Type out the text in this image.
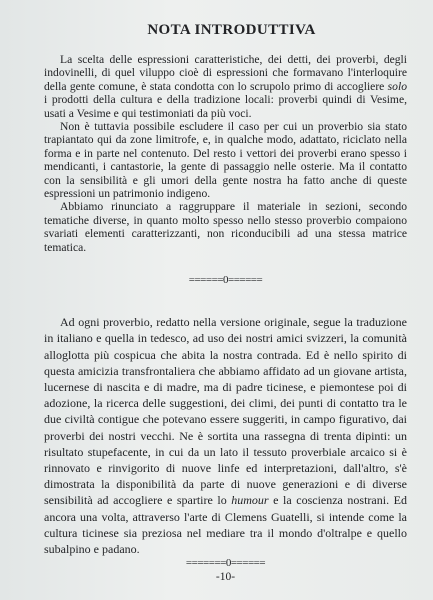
NOTA INTRODUTTIVA

La scelta delle espressioni caratteristiche, dei detti, dei proverbi, degli indovinelli, di quel viluppo cioè di espressioni che formavano l'interloquire della gente comune, è stata condotta con lo scrupolo primo di accogliere solo i prodotti della cultura e della tradizione locali: proverbi quindi di Vesime, usati a Vesime e qui testimoniati da più voci.

Non è tuttavia possibile escludere il caso per cui un proverbio sia stato trapiantato qui da zone limitrofe, e, in qualche modo, adattato, riciclato nella forma e in parte nel contenuto. Del resto i vettori dei proverbi erano spesso i mendicanti, i cantastorie, la gente di passaggio nelle osterie. Ma il contatto con la sensibilità e gli umori della gente nostra ha fatto anche di queste espressioni un patrimonio indigeno.

Abbiamo rinunciato a raggruppare il materiale in sezioni, secondo tematiche diverse, in quanto molto spesso nello stesso proverbio compaiono svariati elementi caratterizzanti, non riconducibili ad una stessa matrice tematica.

======0======

Ad ogni proverbio, redatto nella versione originale, segue la traduzione in italiano e quella in tedesco, ad uso dei nostri amici svizzeri, la comunità alloglotta più cospicua che abita la nostra contrada. Ed è nello spirito di questa amicizia transfrontaliera che abbiamo affidato ad un giovane artista, lucernese di nascita e di madre, ma di padre ticinese, e piemontese poi di adozione, la ricerca delle suggestioni, dei climi, dei punti di contatto tra le due civiltà contigue che potevano essere suggeriti, in campo figurativo, dai proverbi dei nostri vecchi. Ne è sortita una rassegna di trenta dipinti: un risultato stupefacente, in cui da un lato il tessuto proverbiale arcaico si è rinnovato e rinvigorito di nuove linfe ed interpretazioni, dall'altro, s'è dimostrata la disponibilità da parte di nuove generazioni e di diverse sensibilità ad accogliere e spartire lo humour e la coscienza nostrani. Ed ancora una volta, attraverso l'arte di Clemens Guatelli, si intende come la cultura ticinese sia preziosa nel mediare tra il mondo d'oltralpe e quello subalpino e padano.

=======0======
-10-
